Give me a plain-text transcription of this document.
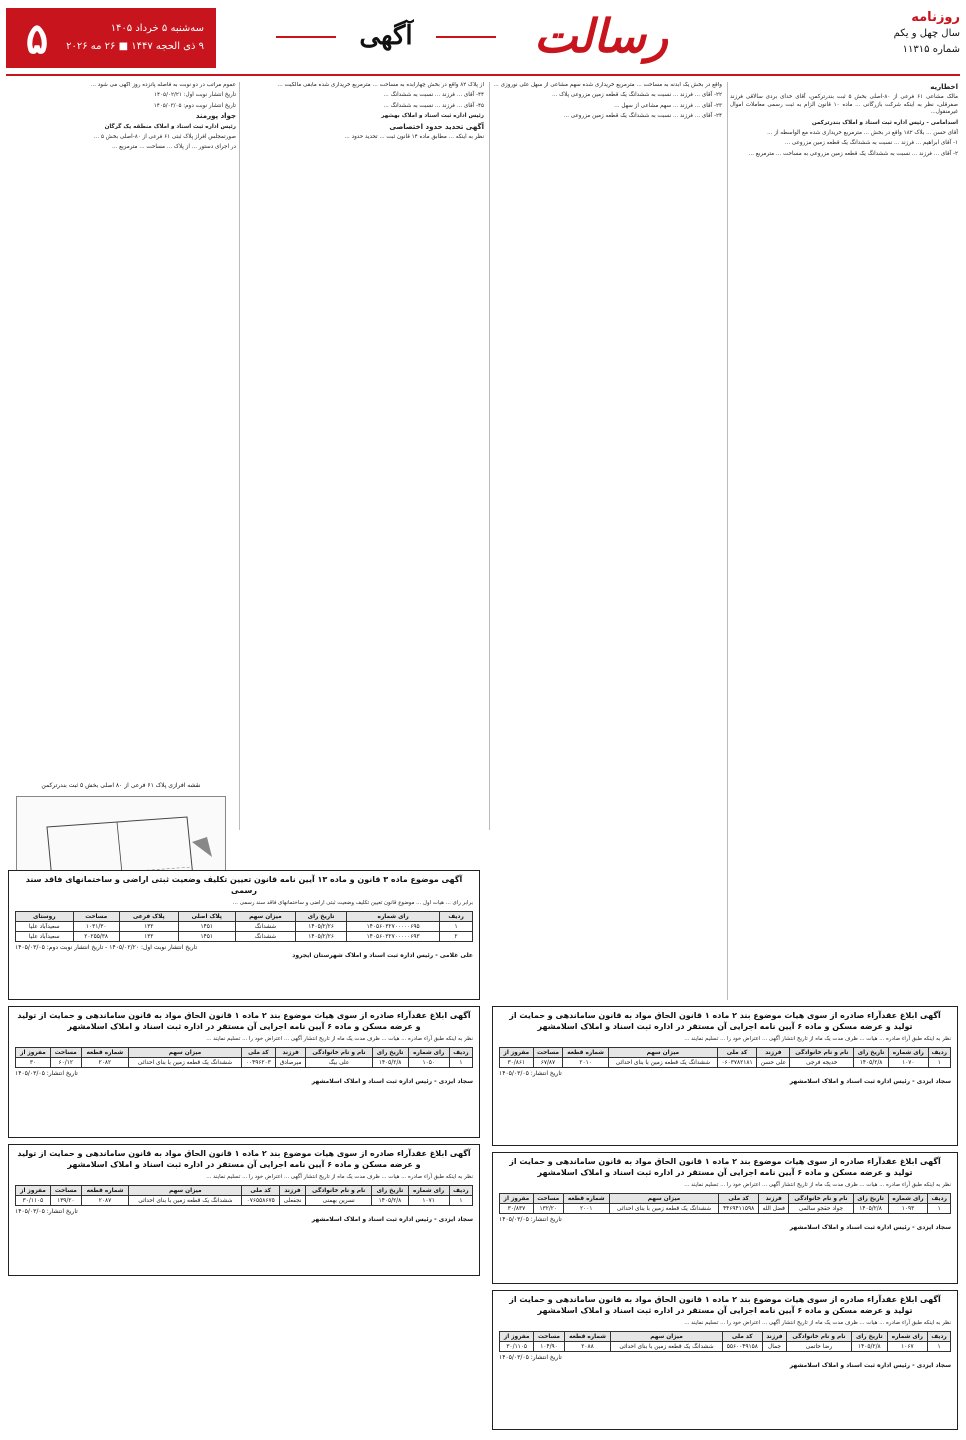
سه‌شنبه ۵ خرداد ۱۴۰۵
۹ ذی الحجه ۱۴۴۷ ■ ۲۶ مه ۲۰۲۶
۵	آگهی	رسالت	روزنامه
سال چهل و یکم
شماره ۱۱۳۱۵
اخطاریه

مالک مشاعی ۶۱ فرعی از ۸۰-اصلی بخش ۵ ثبت بندرترکمن، آقای خدای بردی سالاقی فرزند صفرقلی، نظر به اینکه شرکت بازرگانی ... ماده ۱۰ قانون الزام به ثبت رسمی معاملات اموال غیرمنقول...

اسدامامی - رئیس اداره ثبت اسناد و املاک بندرترکمن

آقای حسن ... بلاک ۱۸۲ واقع در بخش ... مترمربع خریداری شده مع الواسطه از ...

۱- آقای ابراهیم ... فرزند ... نسبت به ششدانگ یک قطعه زمین مزروعی ...

۲- آقای ... فرزند ... نسبت به ششدانگ یک قطعه زمین مزروعی به مساحت ... مترمربع ...

واقع در بخش یک ابدنه به مساحت ... مترمربع خریداری شده سهم مشاعی از سهل علی نوروزی ...

۲۲- آقای ... فرزند ... نسبت به ششدانگ یک قطعه زمین مزروعی پلاک ...

۲۳- آقای ... فرزند ... سهم مشاعی از سهل ...

۲۴- آقای ... فرزند ... نسبت به ششدانگ یک قطعه زمین مزروعی ...

از پلاک ۸۲ واقع در بخش چهارآبده به مساحت ... مترمربع خریداری شده مابقی مالکیت ...

۴۴- آقای ... فرزند ... نسبت به ششدانگ ...

۴۵- آقای ... فرزند ... نسبت به ششدانگ ...

رئیس اداره ثبت اسناد و املاک بهشهر

آگهی تحدید حدود اختصاصی

نظر به اینکه ... مطابق ماده ۱۴ قانون ثبت ... تحدید حدود ...

عموم مراتب در دو نوبت به فاصله پانزده روز آگهی می شود ...

تاریخ انتشار نوبت اول: ۱۴۰۵/۰۲/۲۱

تاریخ انتشار نوبت دوم: ۱۴۰۵/۰۳/۰۵

جواد پورمند

رئیس اداره ثبت اسناد و املاک منطقه یک گرگان

صورتمجلس افراز پلاک ثبتی ۶۱ فرعی از ۸۰-اصلی بخش ۵ ...

در اجرای دستور ... از پلاک ... مساحت ... مترمربع ...

نقشه افرازی پلاک ۶۱ فرعی از ۸۰ اصلی بخش ۵ ثبت بندرترکمن
آگهی موضوع ماده ۳ قانون و ماده ۱۳ آیین نامه قانون تعیین تکلیف وضعیت ثبتی اراضی و ساختمانهای فاقد سند رسمی
برابر رای ... هیات اول ... موضوع قانون تعیین تکلیف وضعیت ثبتی اراضی و ساختمانهای فاقد سند رسمی ...
ردیف	رای شماره	تاریخ رای	میزان سهم	پلاک اصلی	پلاک فرعی	مساحت	روستای
۱	۱۴۰۵۶۰۳۲۷۰۰۰۰۰۶۹۵	۱۴۰۵/۲/۲۶	ششدانگ	۱۴۵۱	۱۳۲	۱۰۳۱/۳۰	سعیدآباد علیا
۲	۱۴۰۵۶۰۳۲۷۰۰۰۰۰۶۹۳	۱۴۰۵/۲/۲۶	ششدانگ	۱۴۵۱	۱۳۲	۲۰۲۵۵/۳۸	سعیدآباد علیا
تاریخ انتشار نوبت اول: ۱۴۰۵/۰۲/۲۰ - تاریخ انتشار نوبت دوم: ۱۴۰۵/۰۳/۰۵
علی غلامی - رئیس اداره ثبت اسناد و املاک شهرستان ایجرود
آگهی ابلاغ عقدآراء صادره از سوی هیات موضوع بند ۲ ماده ۱ قانون الحاق مواد به قانون ساماندهی و حمایت از تولید و عرضه مسکن و ماده ۶ آیین نامه اجرایی آن مستقر در اداره ثبت اسناد و املاک اسلامشهر
نظر به اینکه طبق آراء صادره ... هیات ... ظرف مدت یک ماه از تاریخ انتشار آگهی ... اعتراض خود را ... تسلیم نمایند ...
ردیف	رای شماره	تاریخ رای	نام و نام خانوادگی	فرزند	کد ملی	میزان سهم	شماره قطعه	مساحت	مفروز از
۱	۱۰۷۰	۱۴۰۵/۲/۸	خدیجه فرجی	علی حسن	۰۶۰۳۷۸۲۱۸۱	ششدانگ یک قطعه زمین با بنای احداثی	۲۰۱۰	۶۷/۸۷	۳۰/۸۶۱
تاریخ انتشار: ۱۴۰۵/۰۳/۰۵
سجاد ایزدی - رئیس اداره ثبت اسناد و املاک اسلامشهر
آگهی ابلاغ عقدآراء صادره از سوی هیات موضوع بند ۲ ماده ۱ قانون الحاق مواد به قانون ساماندهی و حمایت از تولید و عرضه مسکن و ماده ۶ آیین نامه اجرایی آن مستقر در اداره ثبت اسناد و املاک اسلامشهر
نظر به اینکه طبق آراء صادره ... هیات ... ظرف مدت یک ماه از تاریخ انتشار آگهی ... اعتراض خود را ... تسلیم نمایند ...
ردیف	رای شماره	تاریخ رای	نام و نام خانوادگی	فرزند	کد ملی	میزان سهم	شماره قطعه	مساحت	مفروز از
۱	۱۰۵۰	۱۴۰۵/۲/۸	علی بیگ	میرصادق	۰۰۴۹۶۲۰۳	ششدانگ یک قطعه زمین با بنای احداثی	۲۰۸۲	۶۰/۱۲	۳۰
تاریخ انتشار: ۱۴۰۵/۰۳/۰۵
سجاد ایزدی - رئیس اداره ثبت اسناد و املاک اسلامشهر
آگهی ابلاغ عقدآراء صادره از سوی هیات موضوع بند ۲ ماده ۱ قانون الحاق مواد به قانون ساماندهی و حمایت از تولید و عرضه مسکن و ماده ۶ آیین نامه اجرایی آن مستقر در اداره ثبت اسناد و املاک اسلامشهر
نظر به اینکه طبق آراء صادره ... هیات ... ظرف مدت یک ماه از تاریخ انتشار آگهی ... اعتراض خود را ... تسلیم نمایند ...
ردیف	رای شماره	تاریخ رای	نام و نام خانوادگی	فرزند	کد ملی	میزان سهم	شماره قطعه	مساحت	مفروز از
۱	۱۰۹۳	۱۴۰۵/۲/۸	جواد حقجو سالمی	فضل الله	۴۴۶۹۴۱۱۵۹۸	ششدانگ یک قطعه زمین با بنای احداثی	۲۰۰۱	۱۳۲/۲۰	۳۰/۸۳۷
تاریخ انتشار: ۱۴۰۵/۰۳/۰۵
سجاد ایزدی - رئیس اداره ثبت اسناد و املاک اسلامشهر
آگهی ابلاغ عقدآراء صادره از سوی هیات موضوع بند ۲ ماده ۱ قانون الحاق مواد به قانون ساماندهی و حمایت از تولید و عرضه مسکن و ماده ۶ آیین نامه اجرایی آن مستقر در اداره ثبت اسناد و املاک اسلامشهر
نظر به اینکه طبق آراء صادره ... هیات ... ظرف مدت یک ماه از تاریخ انتشار آگهی ... اعتراض خود را ... تسلیم نمایند ...
ردیف	رای شماره	تاریخ رای	نام و نام خانوادگی	فرزند	کد ملی	میزان سهم	شماره قطعه	مساحت	مفروز از
۱	۱۰۷۱	۱۴۰۵/۲/۸	نسرین بهمنی	نجفعلی	۰۷۶۵۵۸۶۷۵	ششدانگ یک قطعه زمین با بنای احداثی	۲۰۸۷	۱۳۹/۲۰	۳۰/۱۱۰۵
تاریخ انتشار: ۱۴۰۵/۰۳/۰۵
سجاد ایزدی - رئیس اداره ثبت اسناد و املاک اسلامشهر
آگهی ابلاغ عقدآراء صادره از سوی هیات موضوع بند ۲ ماده ۱ قانون الحاق مواد به قانون ساماندهی و حمایت از تولید و عرضه مسکن و ماده ۶ آیین نامه اجرایی آن مستقر در اداره ثبت اسناد و املاک اسلامشهر
نظر به اینکه طبق آراء صادره ... هیات ... ظرف مدت یک ماه از تاریخ انتشار آگهی ... اعتراض خود را ... تسلیم نمایند ...
ردیف	رای شماره	تاریخ رای	نام و نام خانوادگی	فرزند	کد ملی	میزان سهم	شماره قطعه	مساحت	مفروز از
۱	۱۰۶۷	۱۴۰۵/۲/۸	رضا حاتمی	جمال	۵۵۶۰۰۴۹۱۵۸	ششدانگ یک قطعه زمین با بنای احداثی	۲۰۸۸	۱۰۴/۹۰	۳۰/۱۱۰۵
تاریخ انتشار: ۱۴۰۵/۰۳/۰۵
سجاد ایزدی - رئیس اداره ثبت اسناد و املاک اسلامشهر
